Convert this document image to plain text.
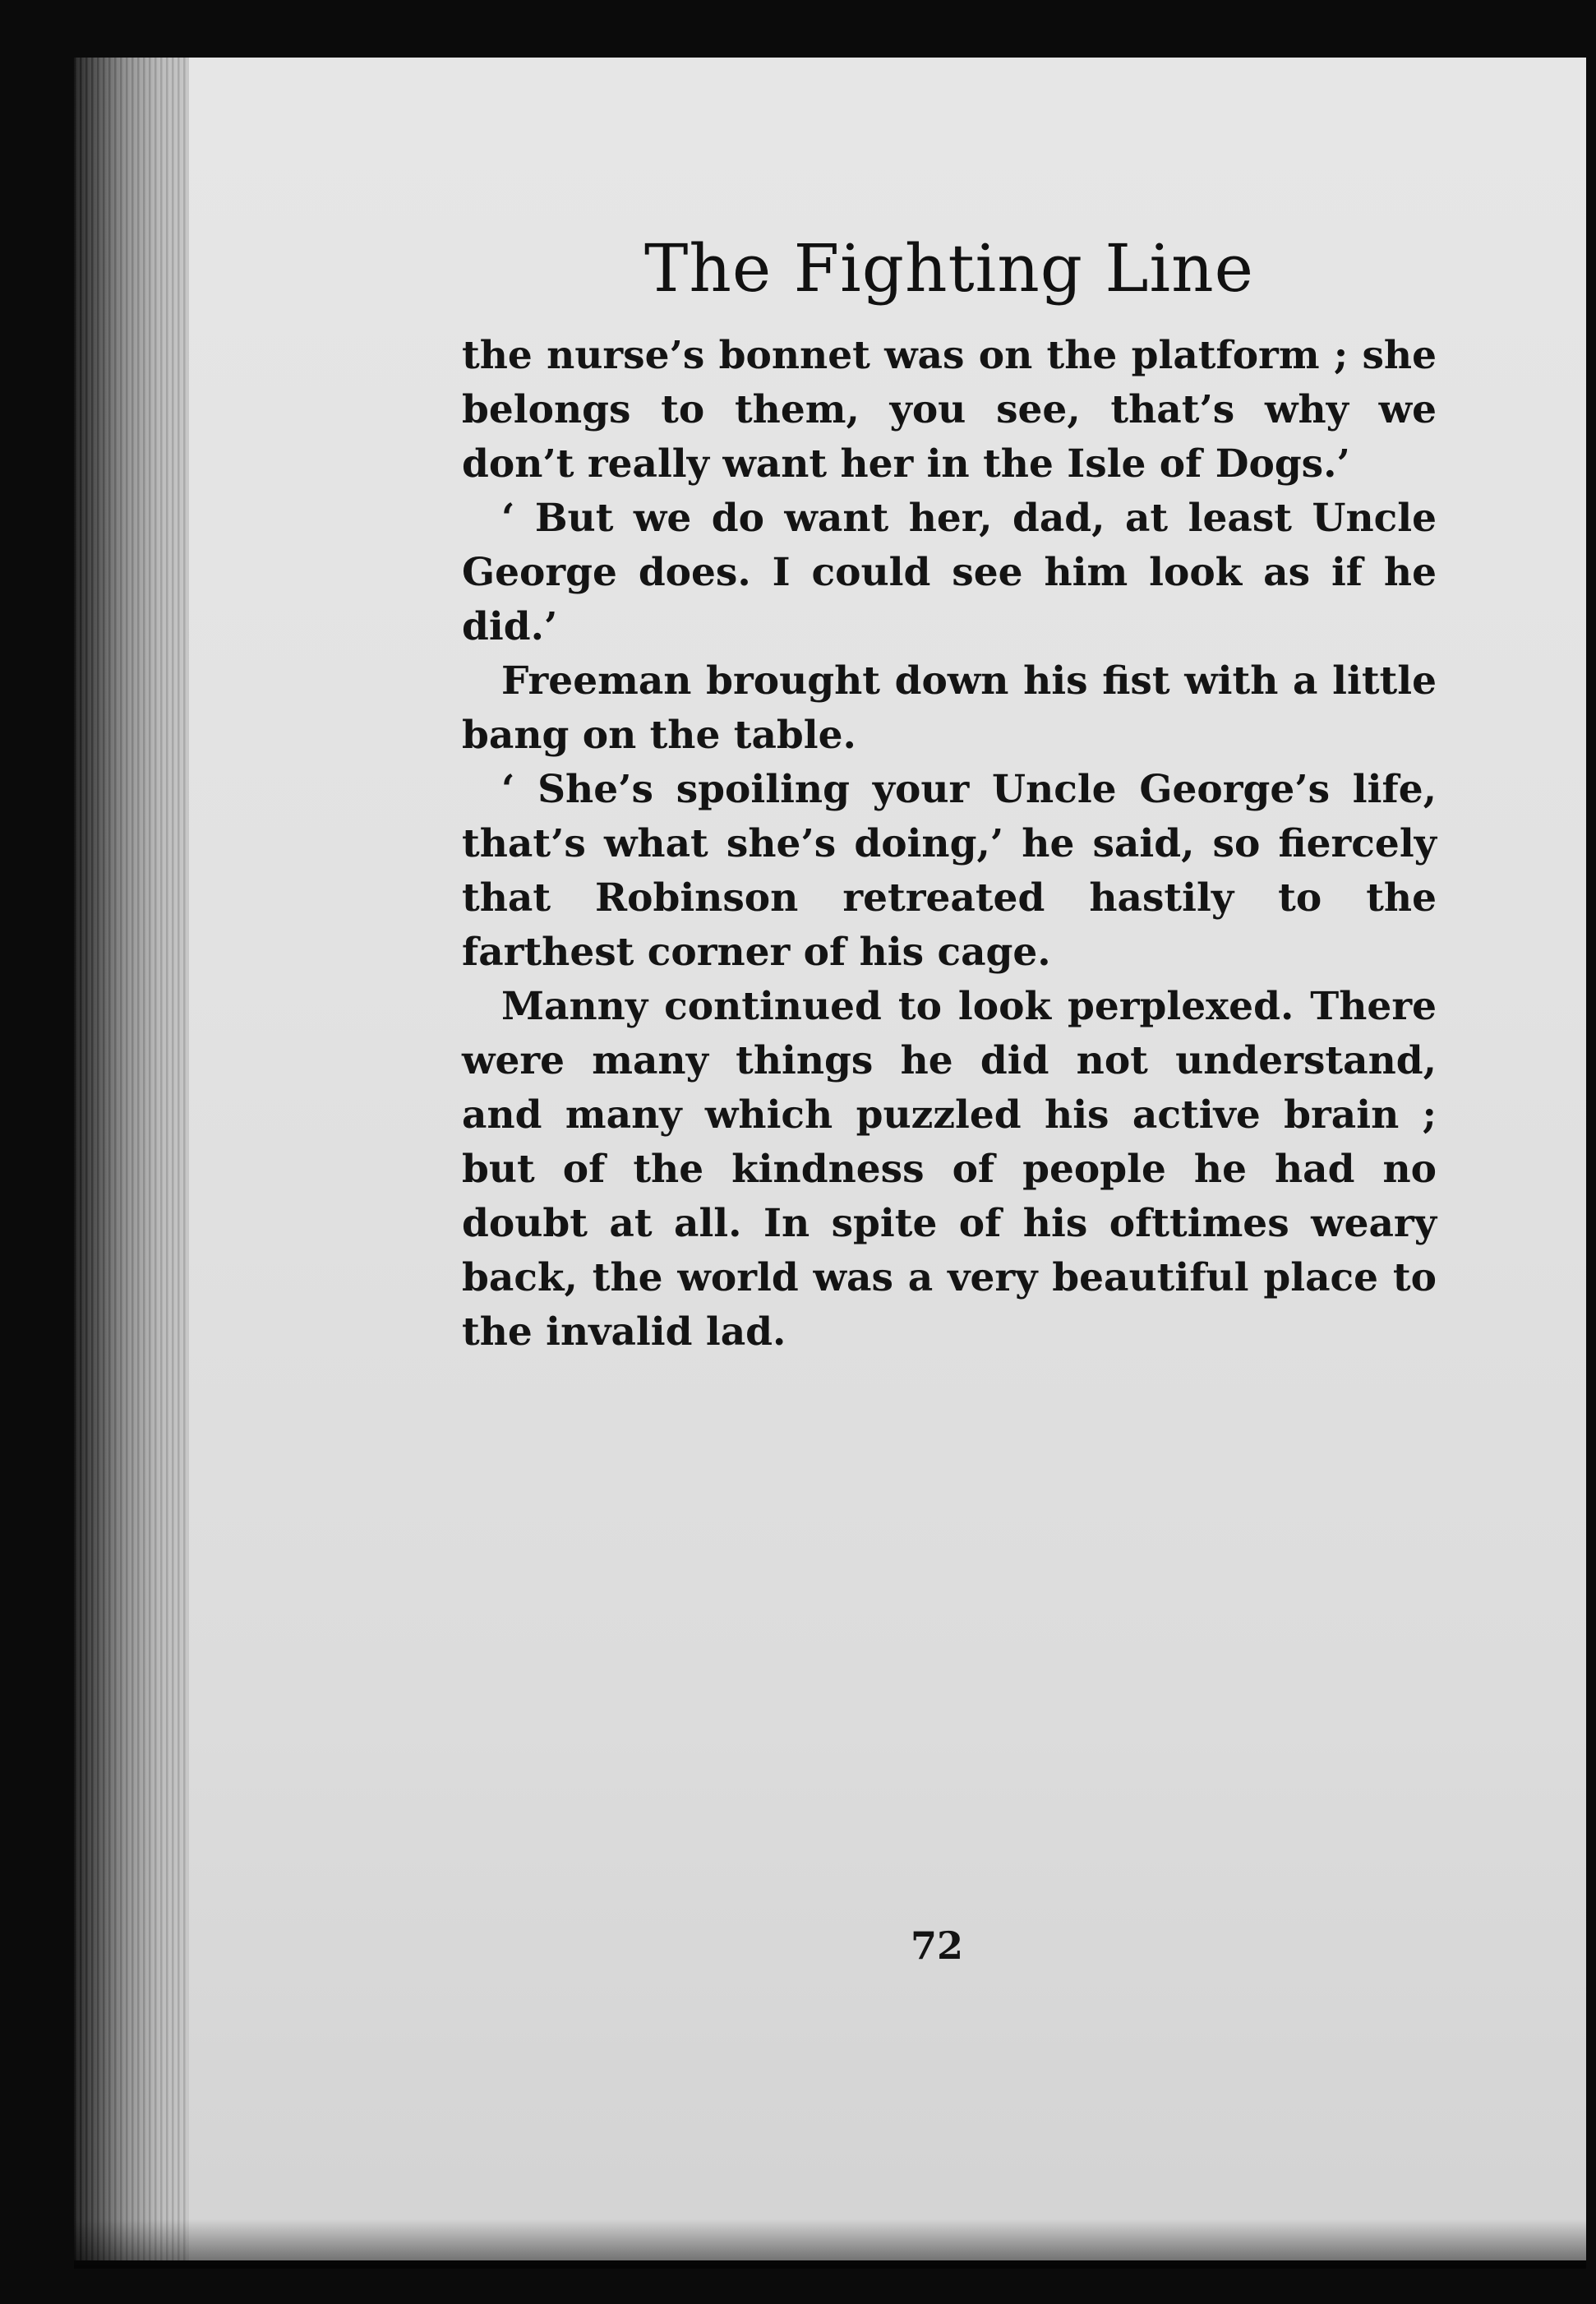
The Fighting Line

the nurse’s bonnet was on the platform ; she belongs to them, you see, that’s why we don’t really want her in the Isle of Dogs.’

‘ But we do want her, dad, at least Uncle George does. I could see him look as if he did.’

Freeman brought down his fist with a little bang on the table.

‘ She’s spoiling your Uncle George’s life, that’s what she’s doing,’ he said, so fiercely that Robinson retreated hastily to the farthest corner of his cage.

Manny continued to look perplexed. There were many things he did not understand, and many which puzzled his active brain ; but of the kindness of people he had no doubt at all. In spite of his ofttimes weary back, the world was a very beautiful place to the invalid lad.

72
